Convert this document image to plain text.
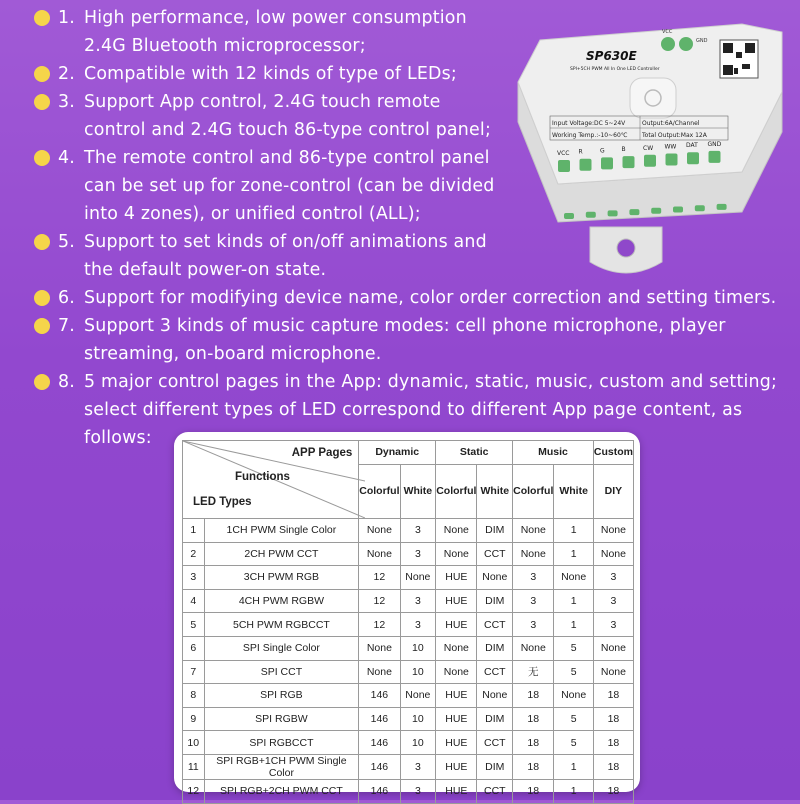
1. High performance, low power consumption
2.4G Bluetooth microprocessor;
2. Compatible with 12 kinds of type of LEDs;
3. Support App control, 2.4G touch remote
control and 2.4G touch 86-type control panel;
4. The remote control and 86-type control panel
can be set up for zone-control (can be divided
into 4 zones), or unified control (ALL);
5. Support to set kinds of on/off animations and
the default power-on state.
6. Support for modifying device name, color order correction and setting timers.
7. Support 3 kinds of music capture modes: cell phone microphone, player
streaming, on-board microphone.
8. 5 major control pages in the App: dynamic, static, music, custom and setting;
select different types of LED correspond to different App page content, as
follows:
VCC
GND
SP630E
SPI+5CH PWM All In One LED Controller
Input Voltage:DC 5~24V	Output:6A/Channel
Working Temp.:-10~60℃ Total Output:Max 12A
VCC R	G	B	CW WW DAT GND
APP Pages
Functions
LED Types		Dynamic		Static		Music		Custom
		Colorful	White	Colorful	White	Colorful	White	DIY
1	1CH PWM Single Color	None	3	None	DIM	None	1	None
2	2CH PWM CCT	None	3	None	CCT	None	1	None
3	3CH PWM RGB	12	None	HUE	None	3	None	3
4	4CH PWM RGBW	12	3	HUE	DIM	3	1	3
5	5CH PWM RGBCCT	12	3	HUE	CCT	3	1	3
6	SPI Single Color	None	10	None	DIM	None	5	None
7	SPI CCT	None	10	None	CCT	无	5	None
8	SPI RGB	146	None	HUE	None	18	None	18
9	SPI RGBW	146	10	HUE	DIM	18	5	18
10	SPI RGBCCT	146	10	HUE	CCT	18	5	18
11	SPI RGB+1CH PWM Single Color	146	3	HUE	DIM	18	1	18
12	SPI RGB+2CH PWM CCT	146	3	HUE	CCT	18	1	18
